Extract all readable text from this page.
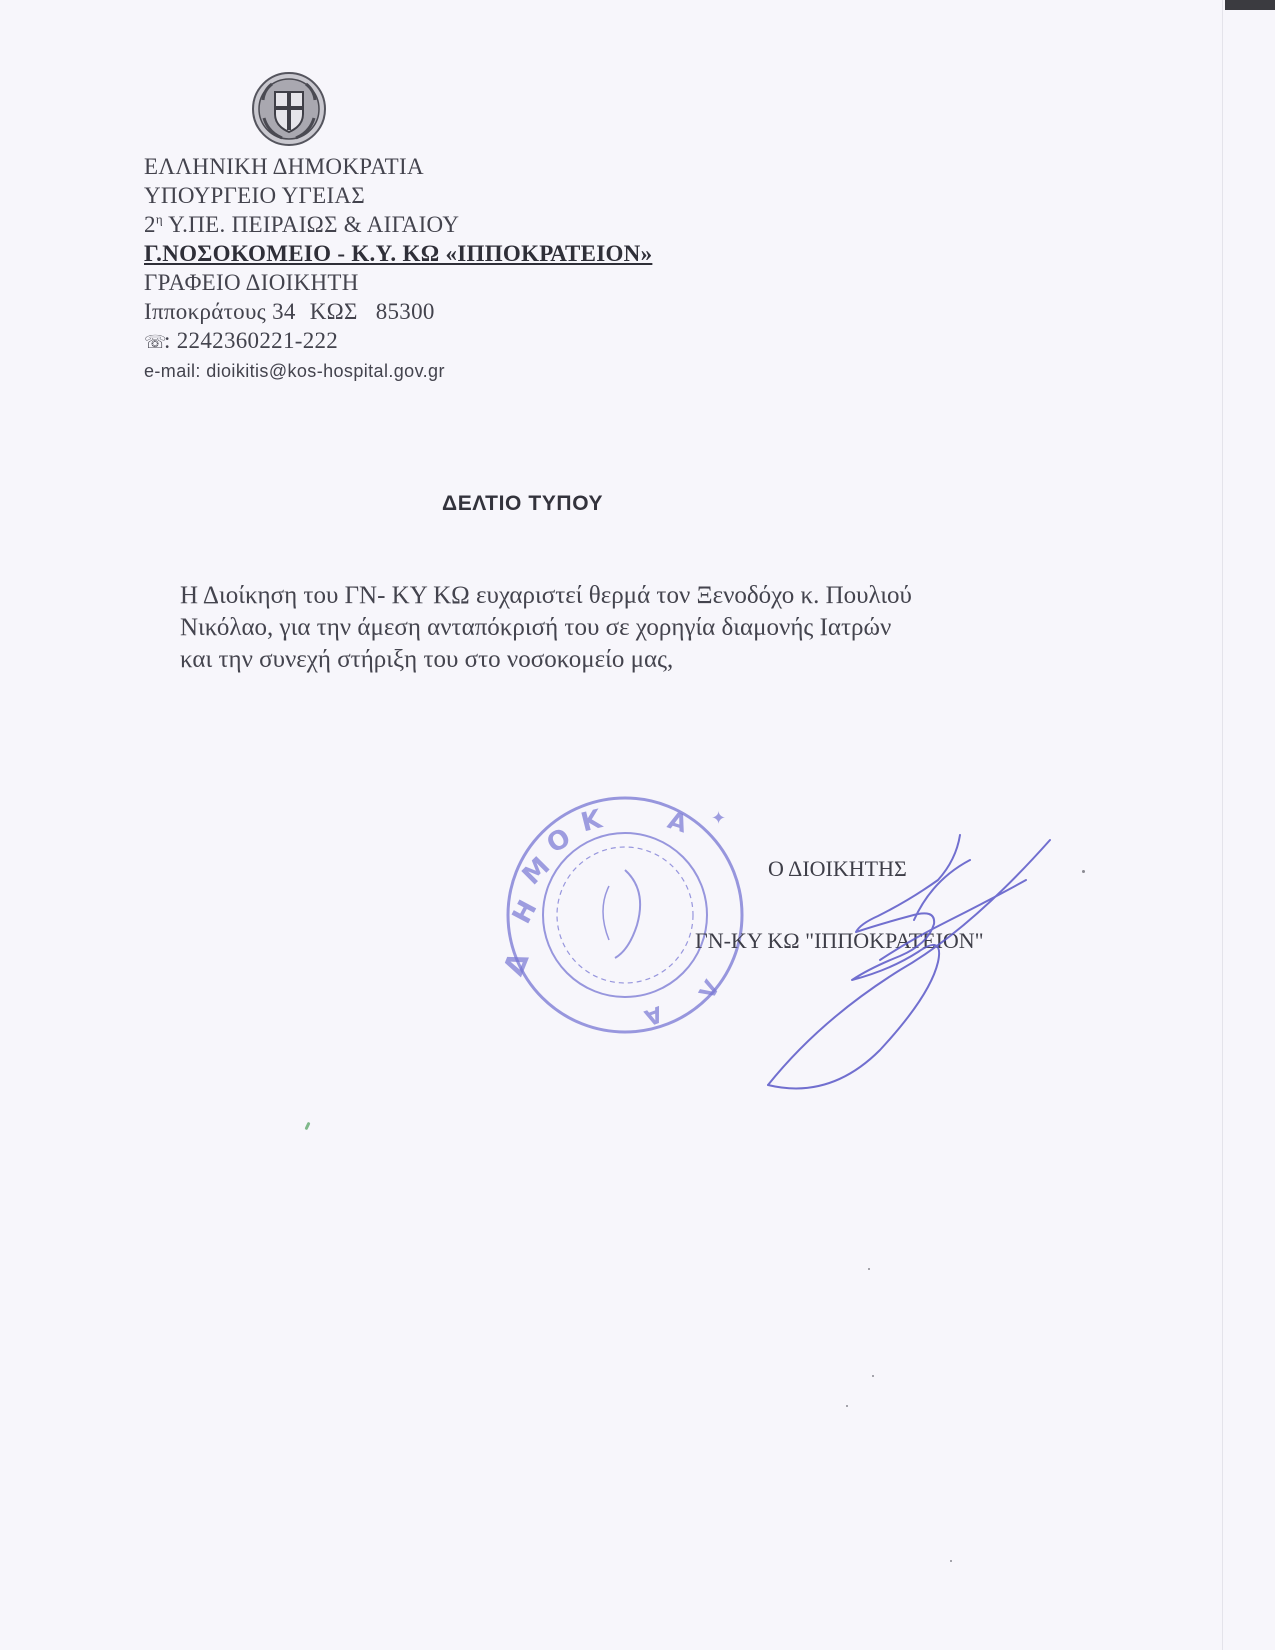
ΕΛΛΗΝΙΚΗ ΔΗΜΟΚΡΑΤΙΑ
ΥΠΟΥΡΓΕΙΟ ΥΓΕΙΑΣ
$2^\eta$ Υ.ΠΕ. ΠΕΙΡΑΙΩΣ & ΑΙΓΑΙΟΥ
Γ.ΝΟΣΟΚΟΜΕΙΟ - Κ.Υ. ΚΩ «ΙΠΠΟΚΡΑΤΕΙΟΝ»
ΓΡΑΦΕΙΟ ΔΙΟΙΚΗΤΗ
Ιπποκράτους 34 ΚΩΣ 85300
☏: 2242360221-222
e-mail: dioikitis@kos-hospital.gov.gr
ΔΕΛΤΙΟ ΤΥΠΟΥ
Η Διοίκηση του ΓΝ- ΚΥ ΚΩ ευχαριστεί θερμά τον Ξενοδόχο κ. Πουλιού
Νικόλαο, για την άμεση ανταπόκρισή του σε χορηγία διαμονής Ιατρών
και την συνεχή στήριξη του στο νοσοκομείο μας,
Δ
Η
Μ
Ο
Κ Α
Λ
Α
✦
Ο ΔΙΟΙΚΗΤΗΣ
ΓΝ-ΚΥ ΚΩ "ΙΠΠΟΚΡΑΤΕΙΟΝ"
